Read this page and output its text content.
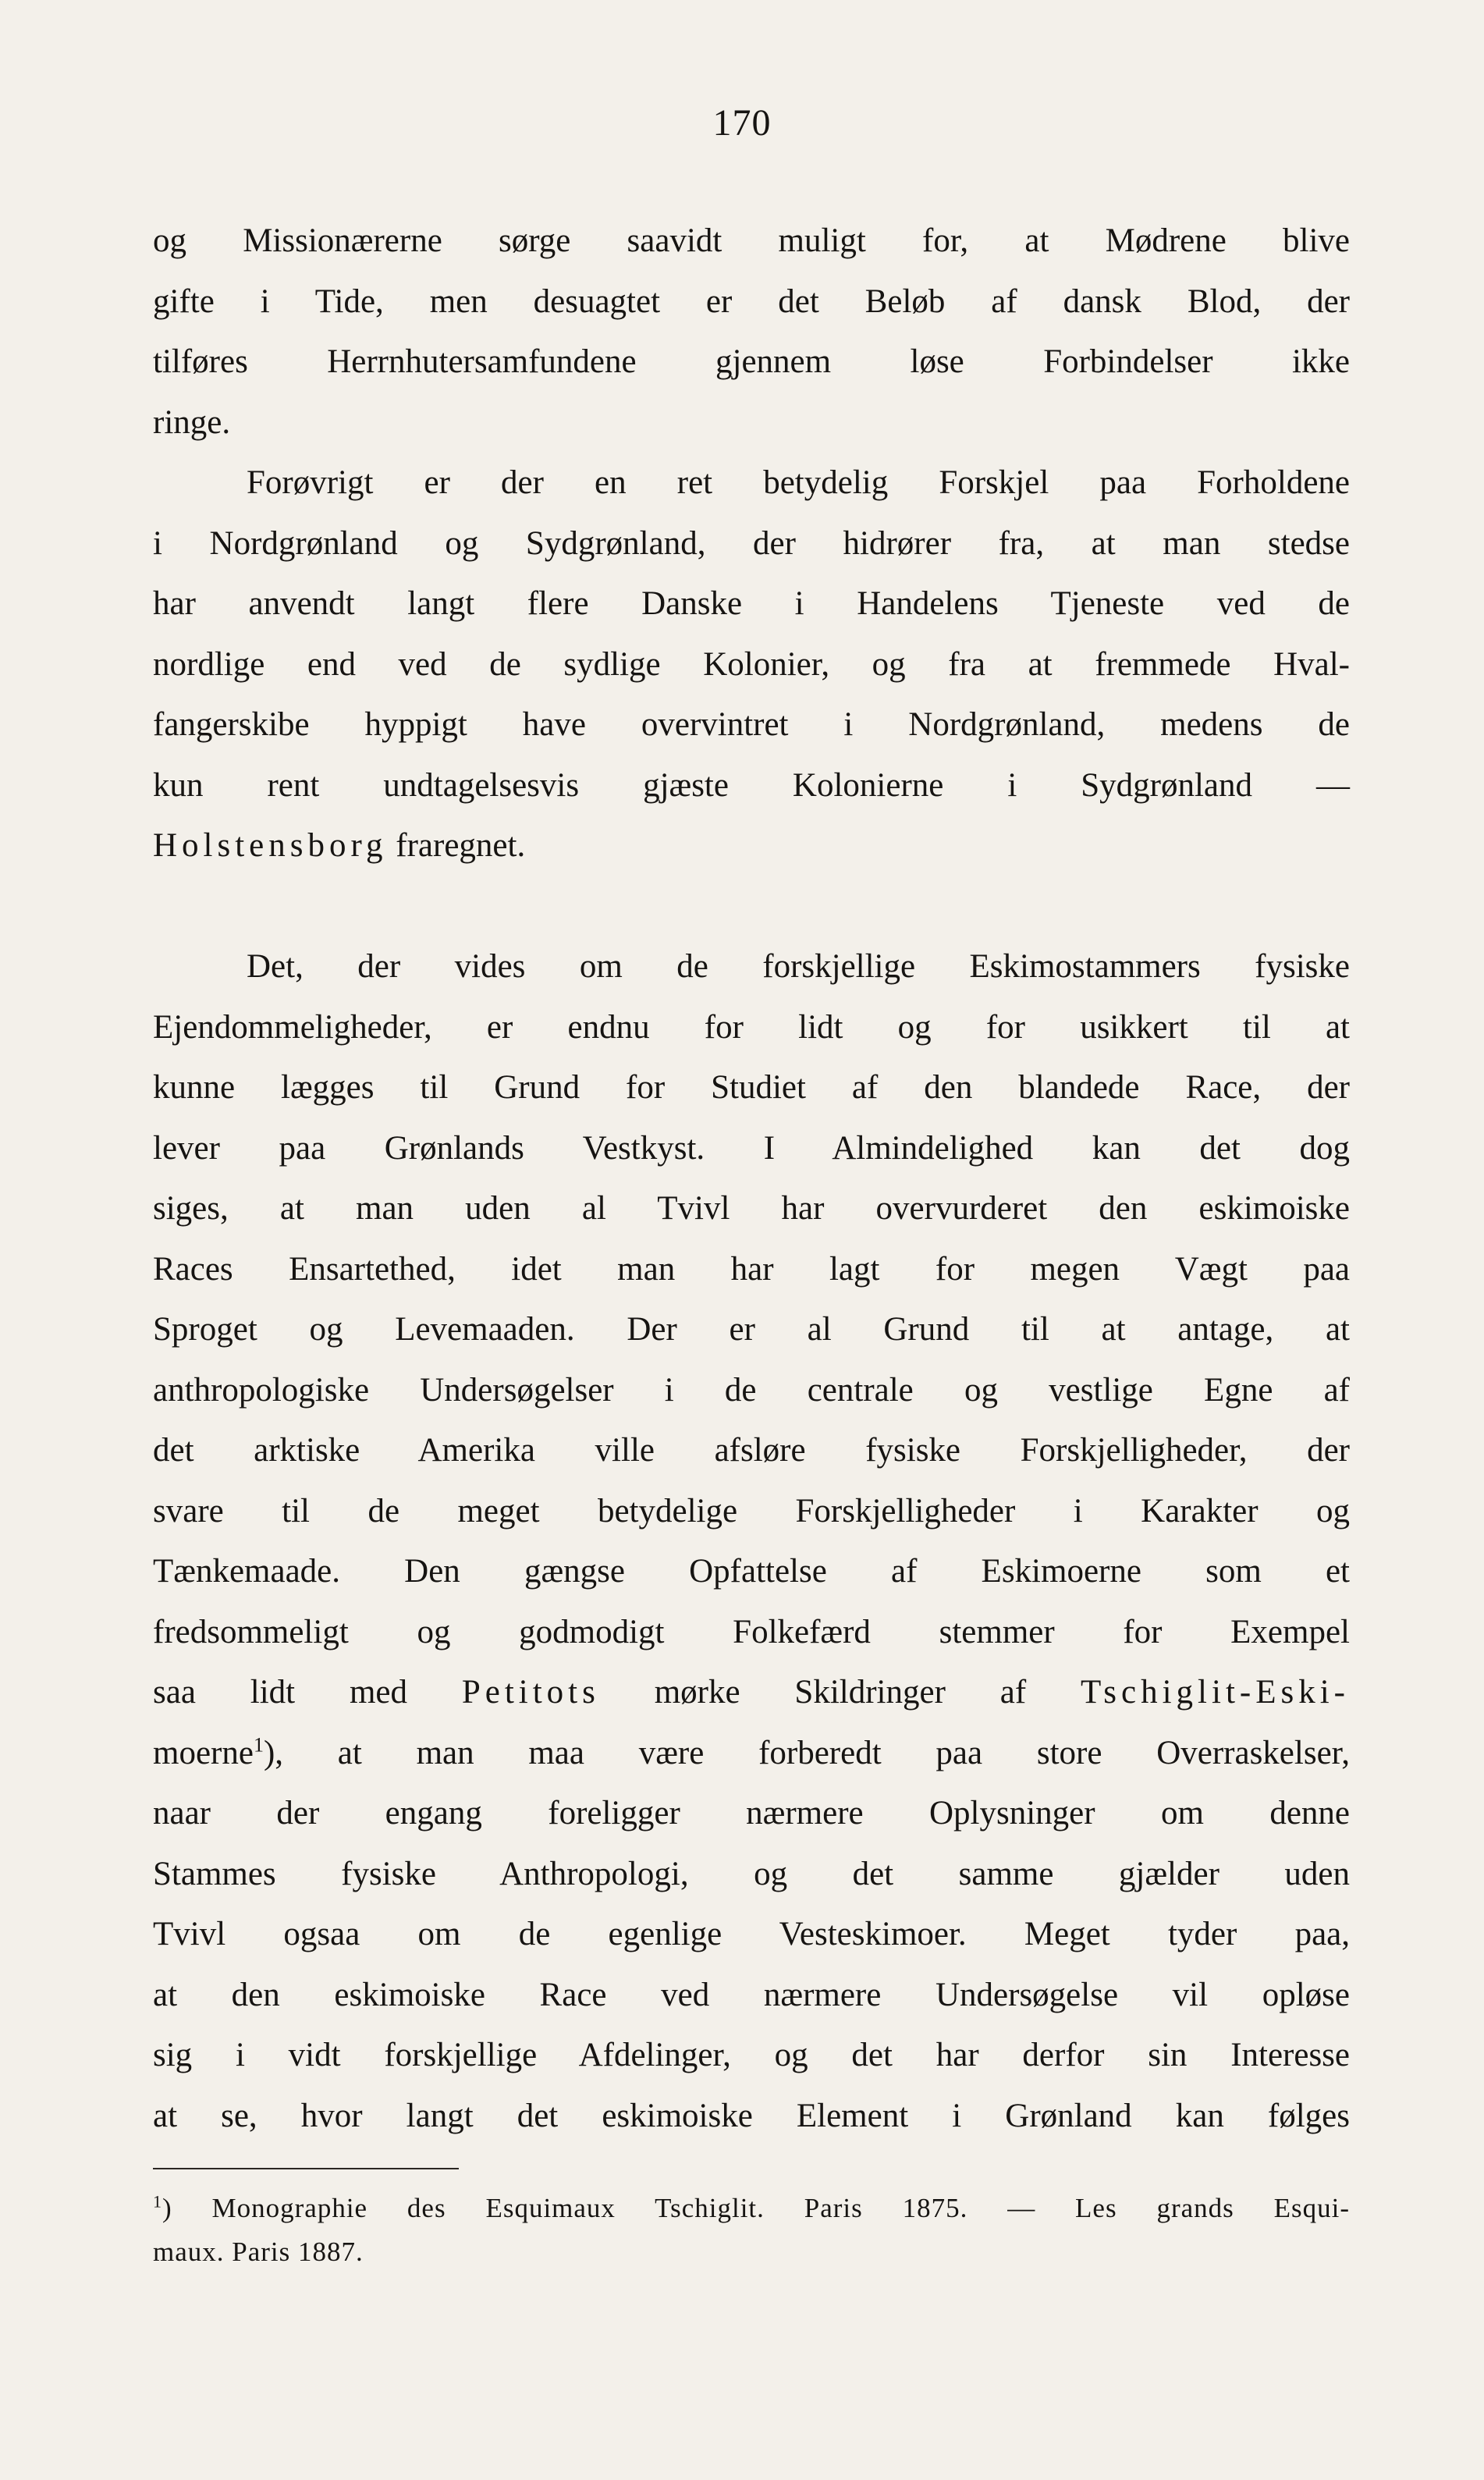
170

og Missionærerne sørge saavidt muligt for, at Mødrene blive
gifte i Tide, men desuagtet er det Beløb af dansk Blod, der
tilføres Herrnhutersamfundene gjennem løse Forbindelser ikke
ringe.
Forøvrigt er der en ret betydelig Forskjel paa Forholdene
i Nordgrønland og Sydgrønland, der hidrører fra, at man stedse
har anvendt langt flere Danske i Handelens Tjeneste ved de
nordlige end ved de sydlige Kolonier, og fra at fremmede Hval-
fangerskibe hyppigt have overvintret i Nordgrønland, medens de
kun rent undtagelsesvis gjæste Kolonierne i Sydgrønland —
Holstensborg fraregnet.
Det, der vides om de forskjellige Eskimostammers fysiske
Ejendommeligheder, er endnu for lidt og for usikkert til at
kunne lægges til Grund for Studiet af den blandede Race, der
lever paa Grønlands Vestkyst. I Almindelighed kan det dog
siges, at man uden al Tvivl har overvurderet den eskimoiske
Races Ensartethed, idet man har lagt for megen Vægt paa
Sproget og Levemaaden. Der er al Grund til at antage, at
anthropologiske Undersøgelser i de centrale og vestlige Egne af
det arktiske Amerika ville afsløre fysiske Forskjelligheder, der
svare til de meget betydelige Forskjelligheder i Karakter og
Tænkemaade. Den gængse Opfattelse af Eskimoerne som et
fredsommeligt og godmodigt Folkefærd stemmer for Exempel
saa lidt med Petitots mørke Skildringer af Tschiglit-Eski-
moerne$^1$), at man maa være forberedt paa store Overraskelser,
naar der engang foreligger nærmere Oplysninger om denne
Stammes fysiske Anthropologi, og det samme gjælder uden
Tvivl ogsaa om de egenlige Vesteskimoer. Meget tyder paa,
at den eskimoiske Race ved nærmere Undersøgelse vil opløse
sig i vidt forskjellige Afdelinger, og det har derfor sin Interesse
at se, hvor langt det eskimoiske Element i Grønland kan følges
$^1$) Monographie des Esquimaux Tschiglit. Paris 1875. — Les grands Esqui-
maux. Paris 1887.
